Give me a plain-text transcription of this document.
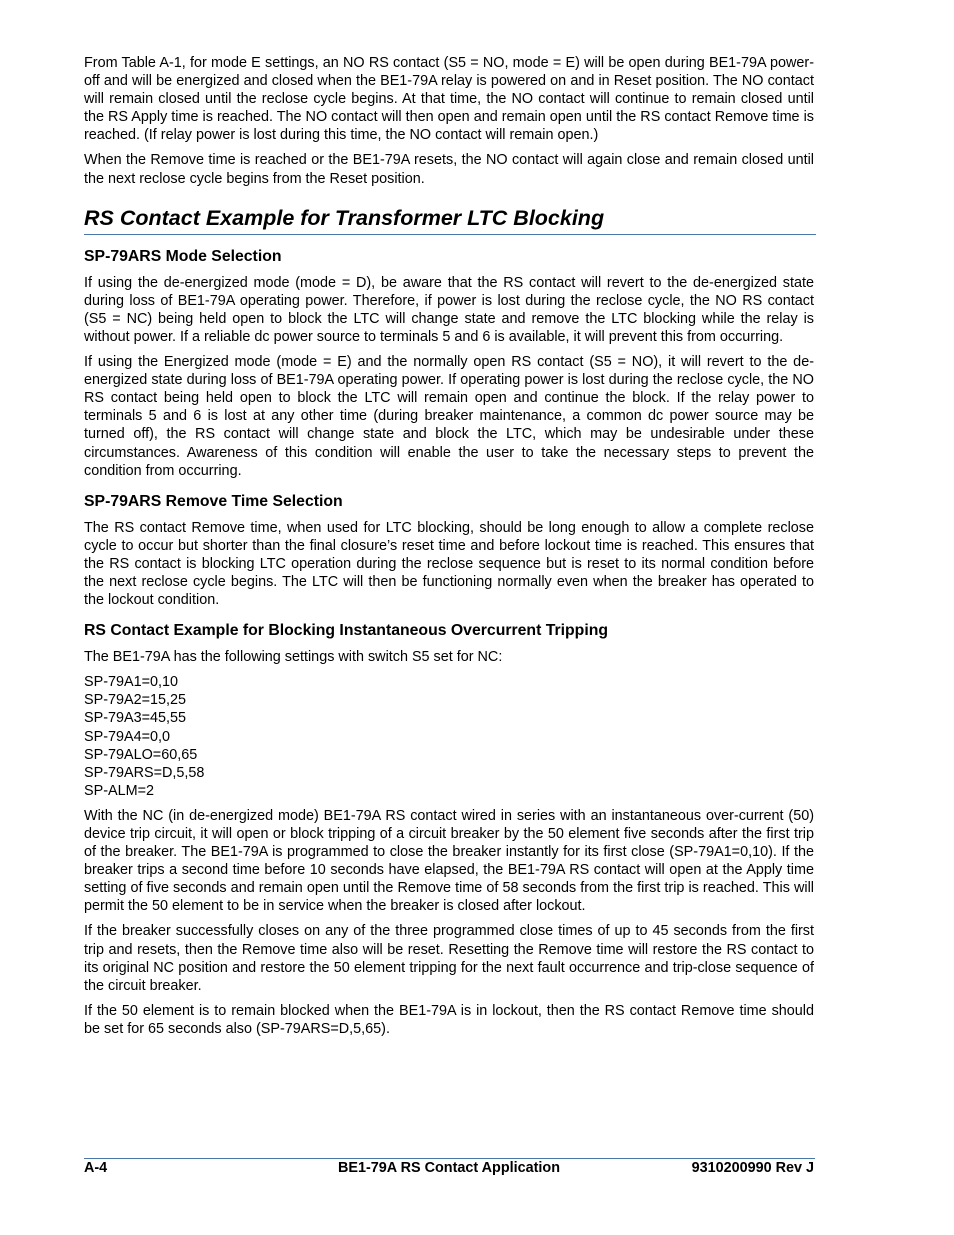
From Table A-1, for mode E settings, an NO RS contact (S5 = NO, mode = E) will be open during BE1-79A power-off and will be energized and closed when the BE1-79A relay is powered on and in Reset position. The NO contact will remain closed until the reclose cycle begins. At that time, the NO contact will continue to remain closed until the RS Apply time is reached. The NO contact will then open and remain open until the RS contact Remove time is reached. (If relay power is lost during this time, the NO contact will remain open.)

When the Remove time is reached or the BE1-79A resets, the NO contact will again close and remain closed until the next reclose cycle begins from the Reset position.

RS Contact Example for Transformer LTC Blocking
SP-79ARS Mode Selection

If using the de-energized mode (mode = D), be aware that the RS contact will revert to the de-energized state during loss of BE1-79A operating power. Therefore, if power is lost during the reclose cycle, the NO RS contact (S5 = NC) being held open to block the LTC will change state and remove the LTC blocking while the relay is without power. If a reliable dc power source to terminals 5 and 6 is available, it will prevent this from occurring.

If using the Energized mode (mode = E) and the normally open RS contact (S5 = NO), it will revert to the de-energized state during loss of BE1-79A operating power. If operating power is lost during the reclose cycle, the NO RS contact being held open to block the LTC will remain open and continue the block. If the relay power to terminals 5 and 6 is lost at any other time (during breaker maintenance, a common dc power source may be turned off), the RS contact will change state and block the LTC, which may be undesirable under these circumstances. Awareness of this condition will enable the user to take the necessary steps to prevent the condition from occurring.

SP-79ARS Remove Time Selection

The RS contact Remove time, when used for LTC blocking, should be long enough to allow a complete reclose cycle to occur but shorter than the final closure’s reset time and before lockout time is reached. This ensures that the RS contact is blocking LTC operation during the reclose sequence but is reset to its normal condition before the next reclose cycle begins. The LTC will then be functioning normally even when the breaker has operated to the lockout condition.

RS Contact Example for Blocking Instantaneous Overcurrent Tripping

The BE1-79A has the following settings with switch S5 set for NC:

SP-79A1=0,10
SP-79A2=15,25
SP-79A3=45,55
SP-79A4=0,0
SP-79ALO=60,65
SP-79ARS=D,5,58
SP-ALM=2

With the NC (in de-energized mode) BE1-79A RS contact wired in series with an instantaneous over-current (50) device trip circuit, it will open or block tripping of a circuit breaker by the 50 element five seconds after the first trip of the breaker. The BE1-79A is programmed to close the breaker instantly for its first close (SP-79A1=0,10). If the breaker trips a second time before 10 seconds have elapsed, the BE1-79A RS contact will open at the Apply time setting of five seconds and remain open until the Remove time of 58 seconds from the first trip is reached. This will permit the 50 element to be in service when the breaker is closed after lockout.

If the breaker successfully closes on any of the three programmed close times of up to 45 seconds from the first trip and resets, then the Remove time also will be reset. Resetting the Remove time will restore the RS contact to its original NC position and restore the 50 element tripping for the next fault occurrence and trip-close sequence of the circuit breaker.

If the 50 element is to remain blocked when the BE1-79A is in lockout, then the RS contact Remove time should be set for 65 seconds also (SP-79ARS=D,5,65).

A-4	BE1-79A RS Contact Application	9310200990 Rev J
